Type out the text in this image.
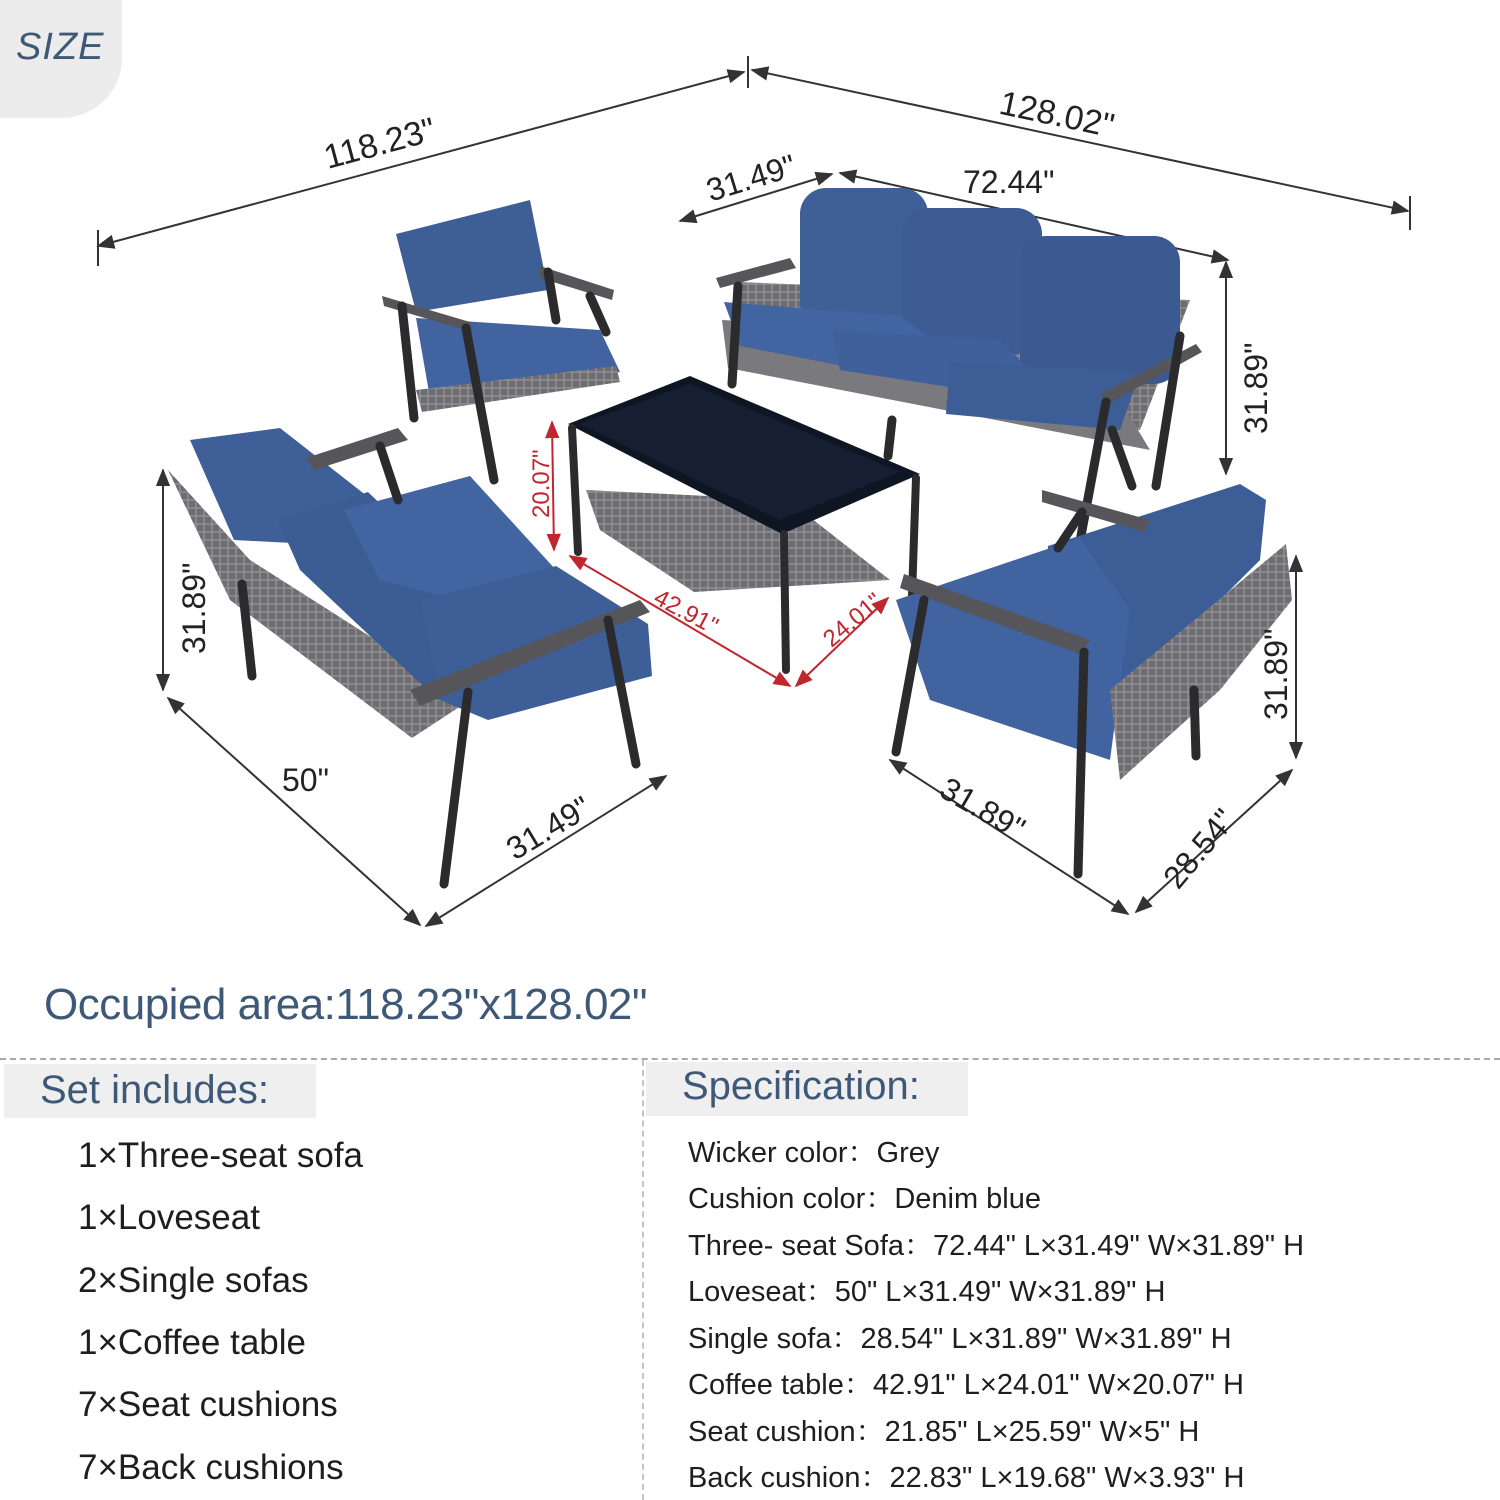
SIZE
118.23"	128.02"
31.49"	72.44"
31.89"
20.07"
42.91"	24.01"
31.89"
50"
31.49"
31.89"
31.89"	28.54"
Occupied area:118.23"x128.02"
Set includes:
1×Three-seat sofa
1×Loveseat
2×Single sofas
1×Coffee table
7×Seat cushions
7×Back cushions
Specification:
Wicker color：Grey
Cushion color：Denim blue
Three- seat Sofa：72.44" L×31.49" W×31.89" H
Loveseat：50" L×31.49" W×31.89" H
Single sofa：28.54" L×31.89" W×31.89" H
Coffee table：42.91" L×24.01" W×20.07" H
Seat cushion：21.85" L×25.59" W×5" H
Back cushion：22.83" L×19.68" W×3.93" H
